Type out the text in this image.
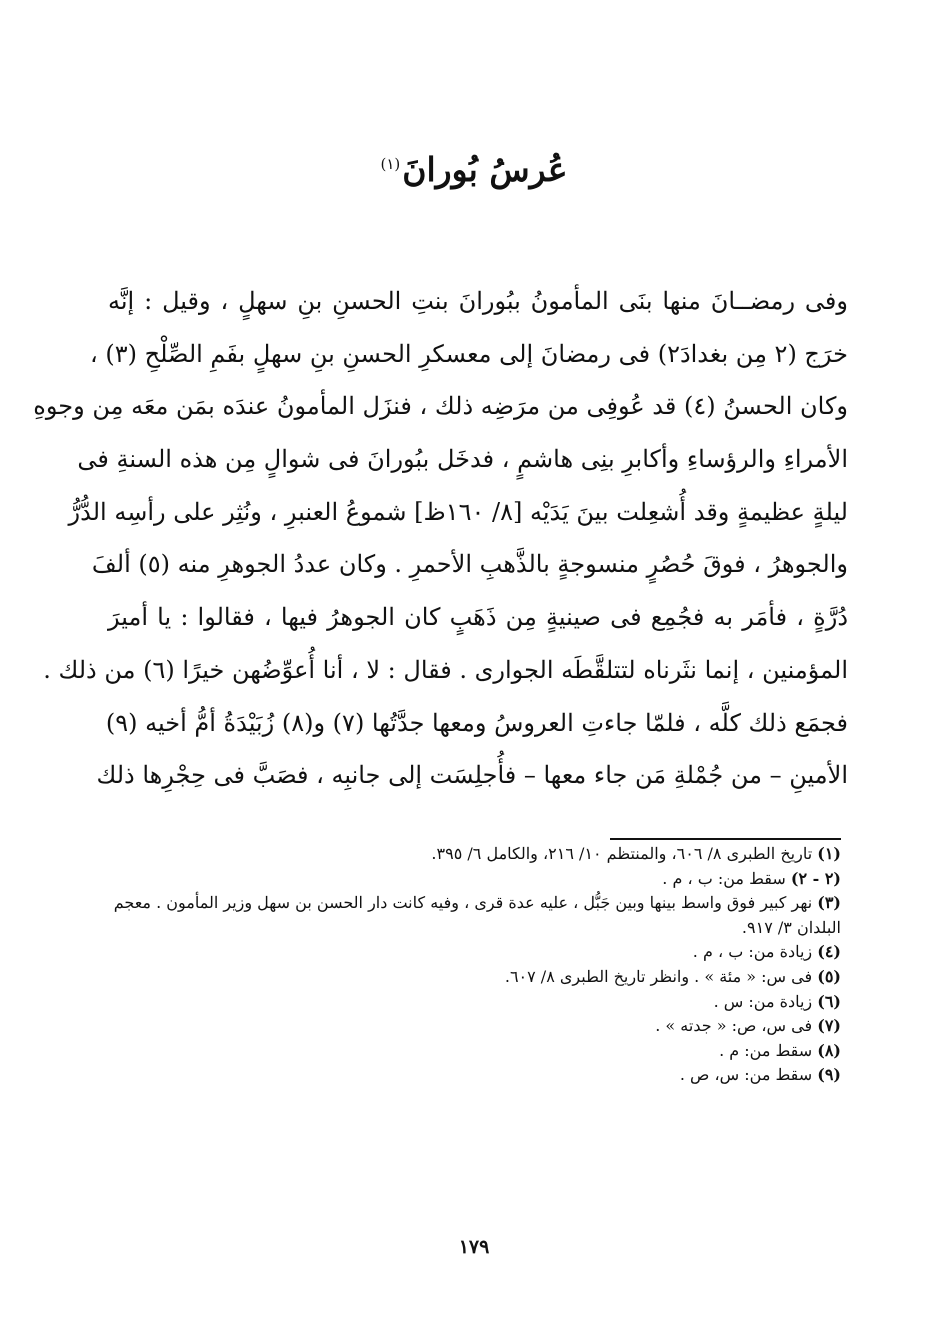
عُرسُ بُورانَ$^{(١)}$
وفى رمضــانَ منها بنَى المأمونُ ببُورانَ بنتِ الحسنِ بنِ سهلٍ ، وقيل : إنَّه
خرَج (٢ مِن بغدادَ٢) فى رمضانَ إلى معسكرِ الحسنِ بنِ سهلٍ بفَمِ الصِّلْحِ (٣) ،
وكان الحسنُ (٤) قد عُوفِى من مرَضِه ذلك ، فنزَل المأمونُ عندَه بمَن معَه مِن وجوهِ
الأمراءِ والرؤساءِ وأكابرِ بنِى هاشمٍ ، فدخَل ببُورانَ فى شوالٍ مِن هذه السنةِ فى
ليلةٍ عظيمةٍ وقد أُشعِلت بينَ يَدَيْه [٨/ ١٦٠ظ] شموعُ العنبرِ ، ونُثِر على رأسِه الدُّرُّ
والجوهرُ ، فوقَ حُصُرٍ منسوجةٍ بالذَّهبِ الأحمرِ . وكان عددُ الجوهرِ منه (٥) ألفَ
دُرَّةٍ ، فأمَر به فجُمِع فى صينيةٍ مِن ذَهَبٍ كان الجوهرُ فيها ، فقالوا : يا أميرَ
المؤمنين ، إنما نثَرناه لتتلقَّطَه الجوارى . فقال : لا ، أنا أُعوِّضُهن خيرًا (٦) من ذلك .
فجمَع ذلك كلَّه ، فلمّا جاءتِ العروسُ ومعها جدَّتُها (٧) و(٨) زُبَيْدَةُ أمُّ أخيه (٩)
الأمينِ – من جُمْلةِ مَن جاء معها – فأُجلِسَت إلى جانبِه ، فصَبَّ فى حِجْرِها ذلك
(١) تاريخ الطبرى ٨/ ٦٠٦، والمنتظم ١٠/ ٢١٦، والكامل ٦/ ٣٩٥.
(٢ - ٢) سقط من: ب ، م .
(٣) نهر كبير فوق واسط بينها وبين جَبُّل ، عليه عدة قرى ، وفيه كانت دار الحسن بن سهل وزير المأمون . معجم البلدان ٣/ ٩١٧.
(٤) زيادة من: ب ، م .
(٥) فى س: « مئة » . وانظر تاريخ الطبرى ٨/ ٦٠٧.
(٦) زيادة من: س .
(٧) فى س، ص: « جدته » .
(٨) سقط من: م .
(٩) سقط من: س، ص .
١٧٩
